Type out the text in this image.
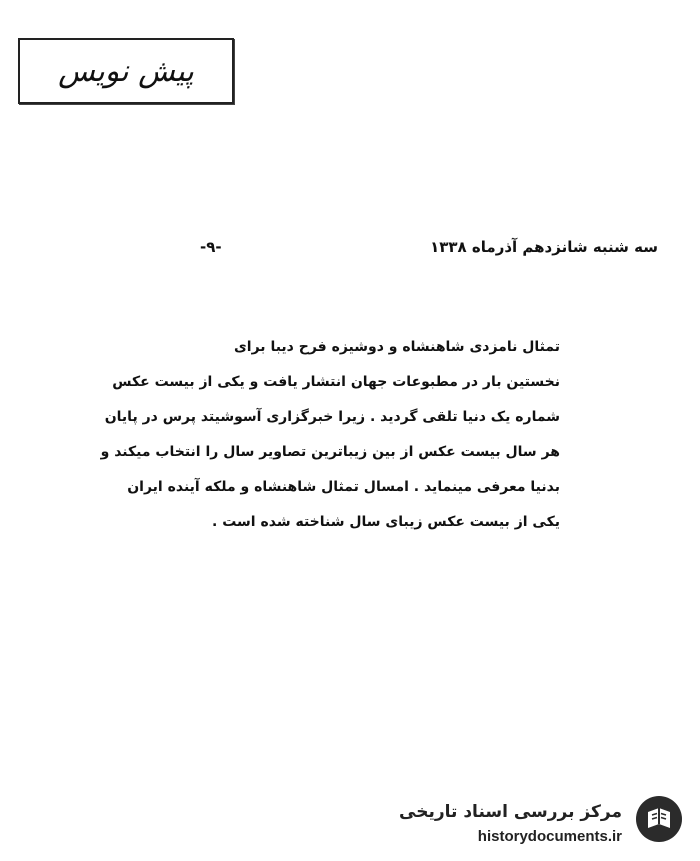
پیش نویس
سه شنبه شانزدهم آذرماه ۱۳۳۸
-۹-
تمثال نامزدی شاهنشاه و دوشیزه فرح دیبا برای
نخستین بار در مطبوعات جهان انتشار یافت و یکی از بیست عکس
شماره یک دنیا تلقی گردید . زیرا خبرگزاری آسوشیتد پرس در پایان
هر سال بیست عکس از بین زیباترین تصاویر سال را انتخاب میکند و
بدنیا معرفی مینماید . امسال تمثال شاهنشاه و ملکه آینده ایران
یکی از بیست عکس زیبای سال شناخته شده است .
مرکز بررسی اسناد تاریخی
historydocuments.ir
